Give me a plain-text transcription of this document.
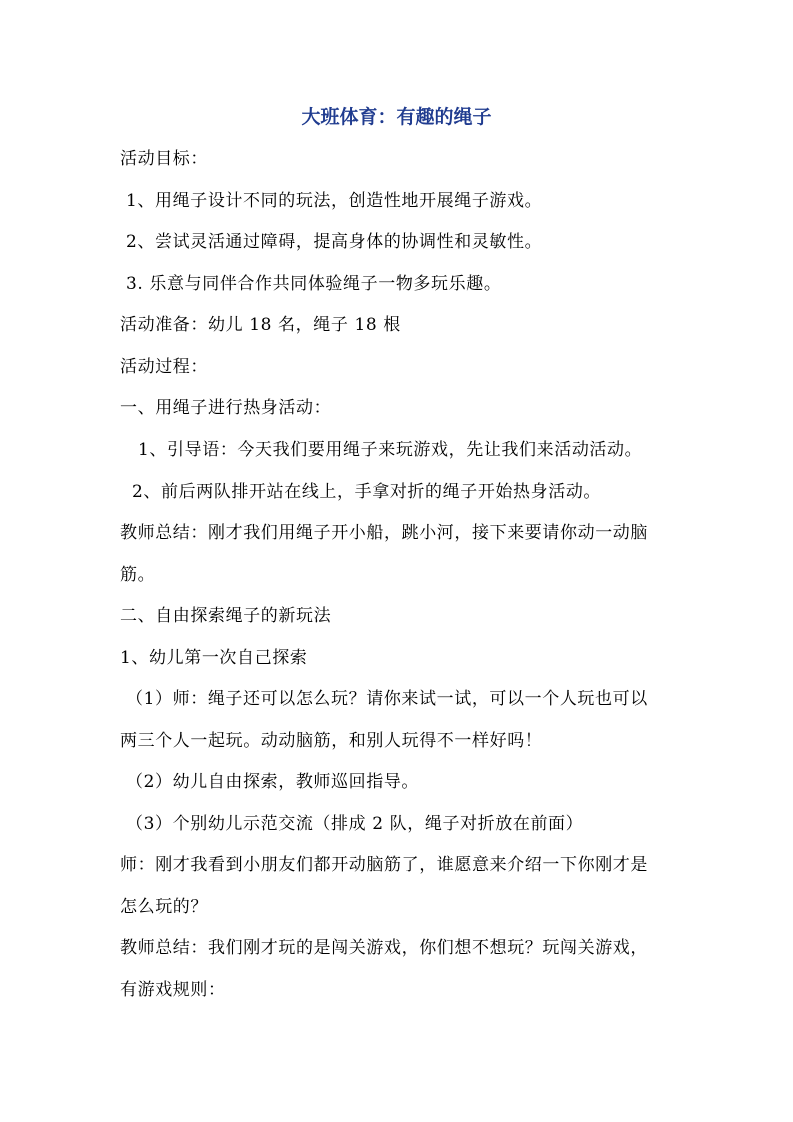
大班体育：有趣的绳子
活动目标：
1、用绳子设计不同的玩法，创造性地开展绳子游戏。
2、尝试灵活通过障碍，提高身体的协调性和灵敏性。
3. 乐意与同伴合作共同体验绳子一物多玩乐趣。
活动准备：幼儿 18 名，绳子 18 根
活动过程：
一、用绳子进行热身活动：
1、引导语：今天我们要用绳子来玩游戏，先让我们来活动活动。
2、前后两队排开站在线上，手拿对折的绳子开始热身活动。
教师总结：刚才我们用绳子开小船，跳小河，接下来要请你动一动脑
筋。
二、自由探索绳子的新玩法
1、幼儿第一次自己探索
（1）师：绳子还可以怎么玩？请你来试一试，可以一个人玩也可以
两三个人一起玩。动动脑筋，和别人玩得不一样好吗！
（2）幼儿自由探索，教师巡回指导。
（3）个别幼儿示范交流（排成 2 队，绳子对折放在前面）
师：刚才我看到小朋友们都开动脑筋了，谁愿意来介绍一下你刚才是
怎么玩的？
教师总结：我们刚才玩的是闯关游戏，你们想不想玩？玩闯关游戏，
有游戏规则：
